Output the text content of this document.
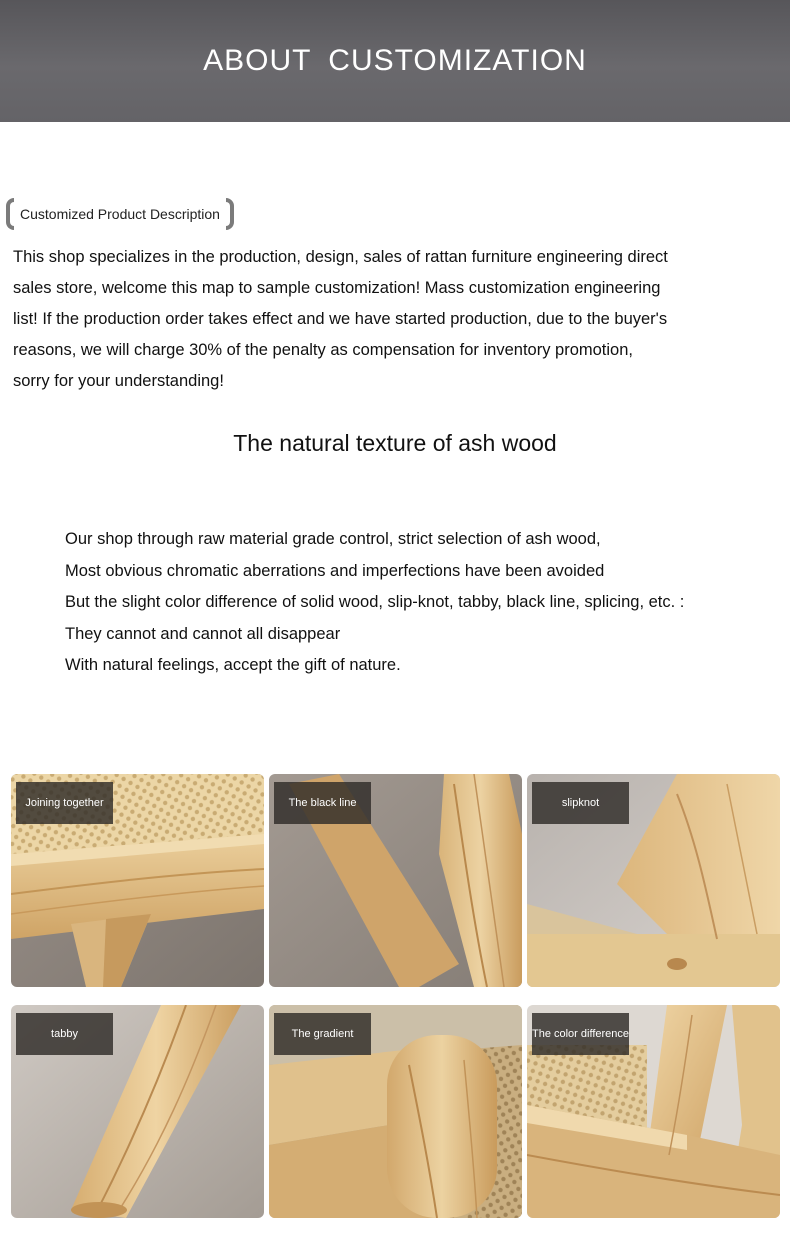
ABOUT CUSTOMIZATION
Customized Product Description

This shop specializes in the production, design, sales of rattan furniture engineering direct

sales store, welcome this map to sample customization! Mass customization engineering

list! If the production order takes effect and we have started production, due to the buyer's

reasons, we will charge 30% of the penalty as compensation for inventory promotion,

sorry for your understanding!

The natural texture of ash wood
Our shop through raw material grade control, strict selection of ash wood,
Most obvious chromatic aberrations and imperfections have been avoided
But the slight color difference of solid wood, slip-knot, tabby, black line, splicing, etc. :
They cannot and cannot all disappear
With natural feelings, accept the gift of nature.
Joining together	The black line	slipknot
tabby	The gradient	The color difference
